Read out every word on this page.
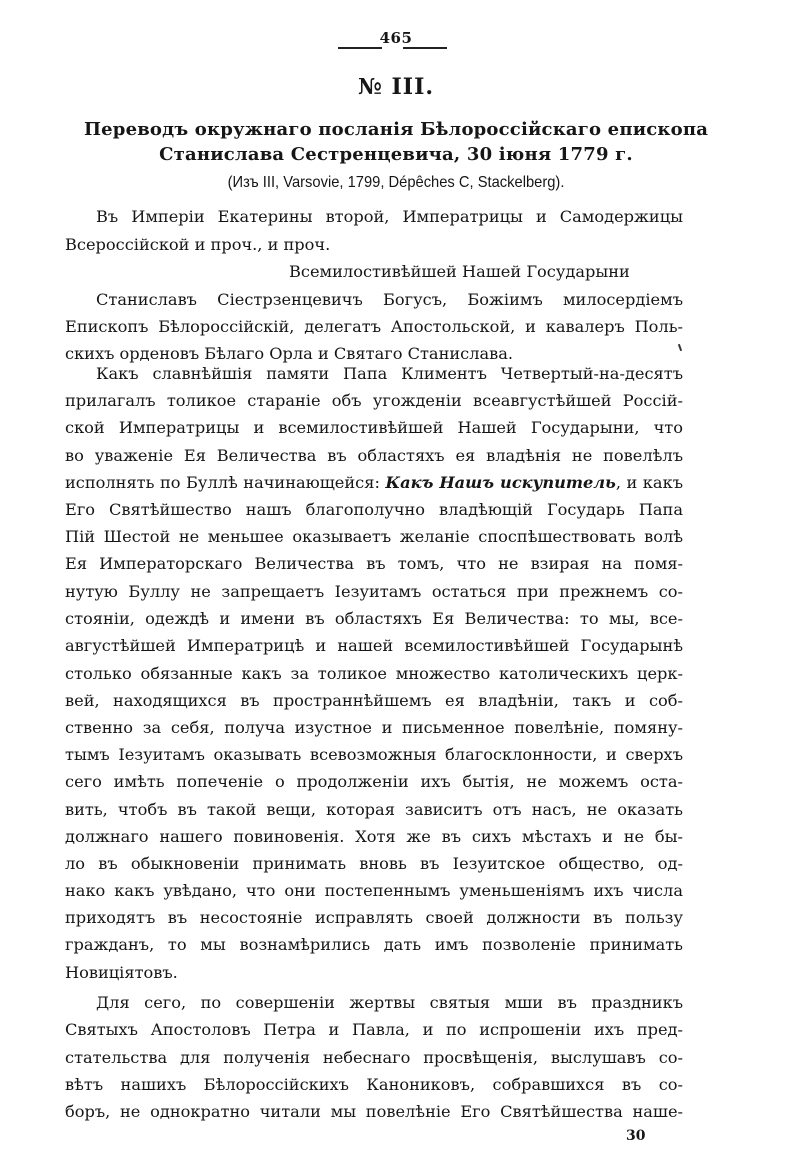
465
№ III.
Переводъ окружнаго посланія Бѣлороссійскаго епископа
Станислава Сестренцевича, 30 іюня 1779 г.
(Изъ III, Varsovie, 1799, Dépêches C, Stackelberg).
Въ Имперіи Екатерины второй, Императрицы и Самодержицы
Всероссійской и проч., и проч.
Всемилостивѣйшей Нашей Государыни
Станиславъ Сіестрзенцевичъ Богусъ, Божіимъ милосердіемъ
Епископъ Бѣлороссійскій, делегатъ Апостольской, и кавалеръ Поль-
скихъ орденовъ Бѣлаго Орла и Святаго Станислава.
Какъ славнѣйшія памяти Папа Климентъ Четвертый-на-десятъ
прилагалъ толикое стараніе объ угожденіи всеавгустѣйшей Россій-
ской Императрицы и всемилостивѣйшей Нашей Государыни, что
во уваженіе Ея Величества въ областяхъ ея владѣнія не повелѣлъ
исполнять по Буллѣ начинающейся: Какъ Нашъ искупитель, и какъ
Его Святѣйшество нашъ благополучно владѣющій Государь Папа
Пій Шестой не меньшее оказываетъ желаніе споспѣшествовать волѣ
Ея Императорскаго Величества въ томъ, что не взирая на помя-
нутую Буллу не запрещаетъ Іезуитамъ остаться при прежнемъ со-
стояніи, одеждѣ и имени въ областяхъ Ея Величества: то мы, все-
августѣйшей Императрицѣ и нашей всемилостивѣйшей Государынѣ
столько обязанные какъ за толикое множество католическихъ церк-
вей, находящихся въ пространнѣйшемъ ея владѣніи, такъ и соб-
ственно за себя, получа изустное и письменное повелѣніе, помяну-
тымъ Іезуитамъ оказывать всевозможныя благосклонности, и сверхъ
сего имѣть попеченіе о продолженіи ихъ бытія, не можемъ оста-
вить, чтобъ въ такой вещи, которая зависитъ отъ насъ, не оказать
должнаго нашего повиновенія. Хотя же въ сихъ мѣстахъ и не бы-
ло въ обыкновеніи принимать вновь въ Іезуитское общество, од-
нако какъ увѣдано, что они постепеннымъ уменьшеніямъ ихъ числа
приходятъ въ несостояніе исправлять своей должности въ пользу
гражданъ, то мы вознамѣрились дать имъ позволеніе принимать
Новиціятовъ.
Для сего, по совершеніи жертвы святыя мши въ праздникъ
Святыхъ Апостоловъ Петра и Павла, и по испрошеніи ихъ пред-
стательства для полученія небеснаго просвѣщенія, выслушавъ со-
вѣтъ нашихъ Бѣлороссійскихъ Канониковъ, собравшихся въ со-
боръ, не однократно читали мы повелѣніе Его Святѣйшества наше-
30
